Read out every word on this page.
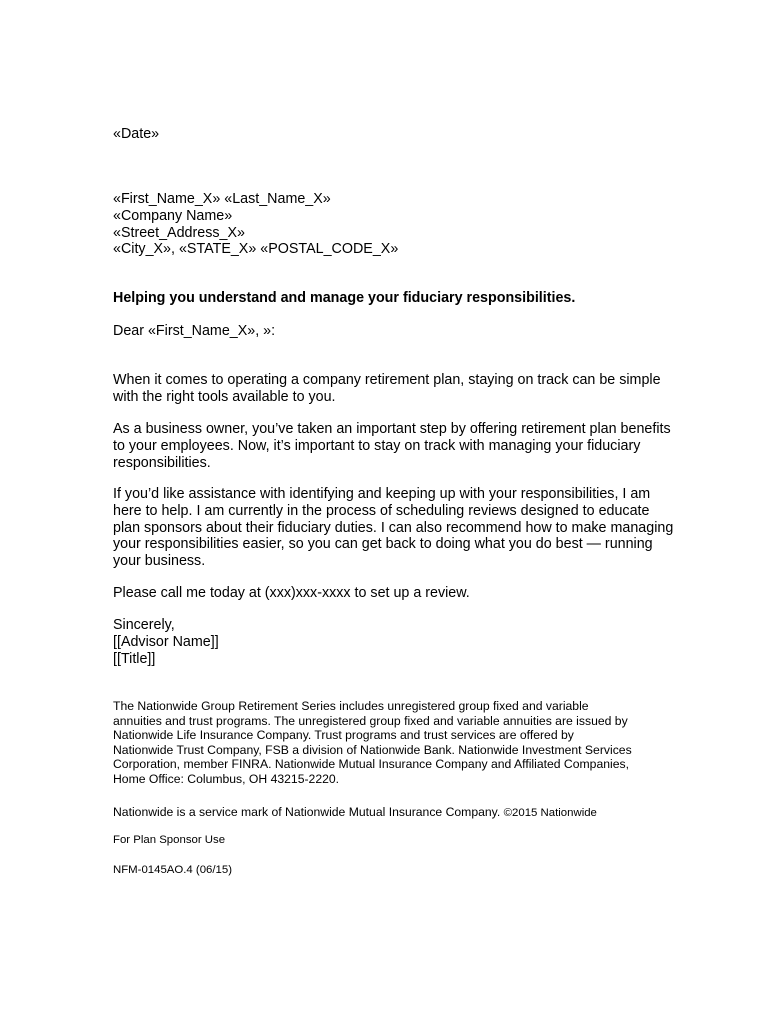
«Date»

«First_Name_X» «Last_Name_X»
«Company Name»
«Street_Address_X»
«City_X», «STATE_X» «POSTAL_CODE_X»

Helping you understand and manage your fiduciary responsibilities.

Dear «First_Name_X», »:

When it comes to operating a company retirement plan, staying on track can be simple
with the right tools available to you.
As a business owner, you’ve taken an important step by offering retirement plan benefits
to your employees. Now, it’s important to stay on track with managing your fiduciary
responsibilities.
If you’d like assistance with identifying and keeping up with your responsibilities, I am
here to help. I am currently in the process of scheduling reviews designed to educate
plan sponsors about their fiduciary duties. I can also recommend how to make managing
your responsibilities easier, so you can get back to doing what you do best — running
your business.

Please call me today at (xxx)xxx-xxxx to set up a review.

Sincerely,
[[Advisor Name]]
[[Title]]
The Nationwide Group Retirement Series includes unregistered group fixed and variable
annuities and trust programs. The unregistered group fixed and variable annuities are issued by
Nationwide Life Insurance Company. Trust programs and trust services are offered by
Nationwide Trust Company, FSB a division of Nationwide Bank. Nationwide Investment Services
Corporation, member FINRA. Nationwide Mutual Insurance Company and Affiliated Companies,
Home Office: Columbus, OH 43215-2220.

Nationwide is a service mark of Nationwide Mutual Insurance Company. ©2015 Nationwide

For Plan Sponsor Use

NFM-0145AO.4 (06/15)
